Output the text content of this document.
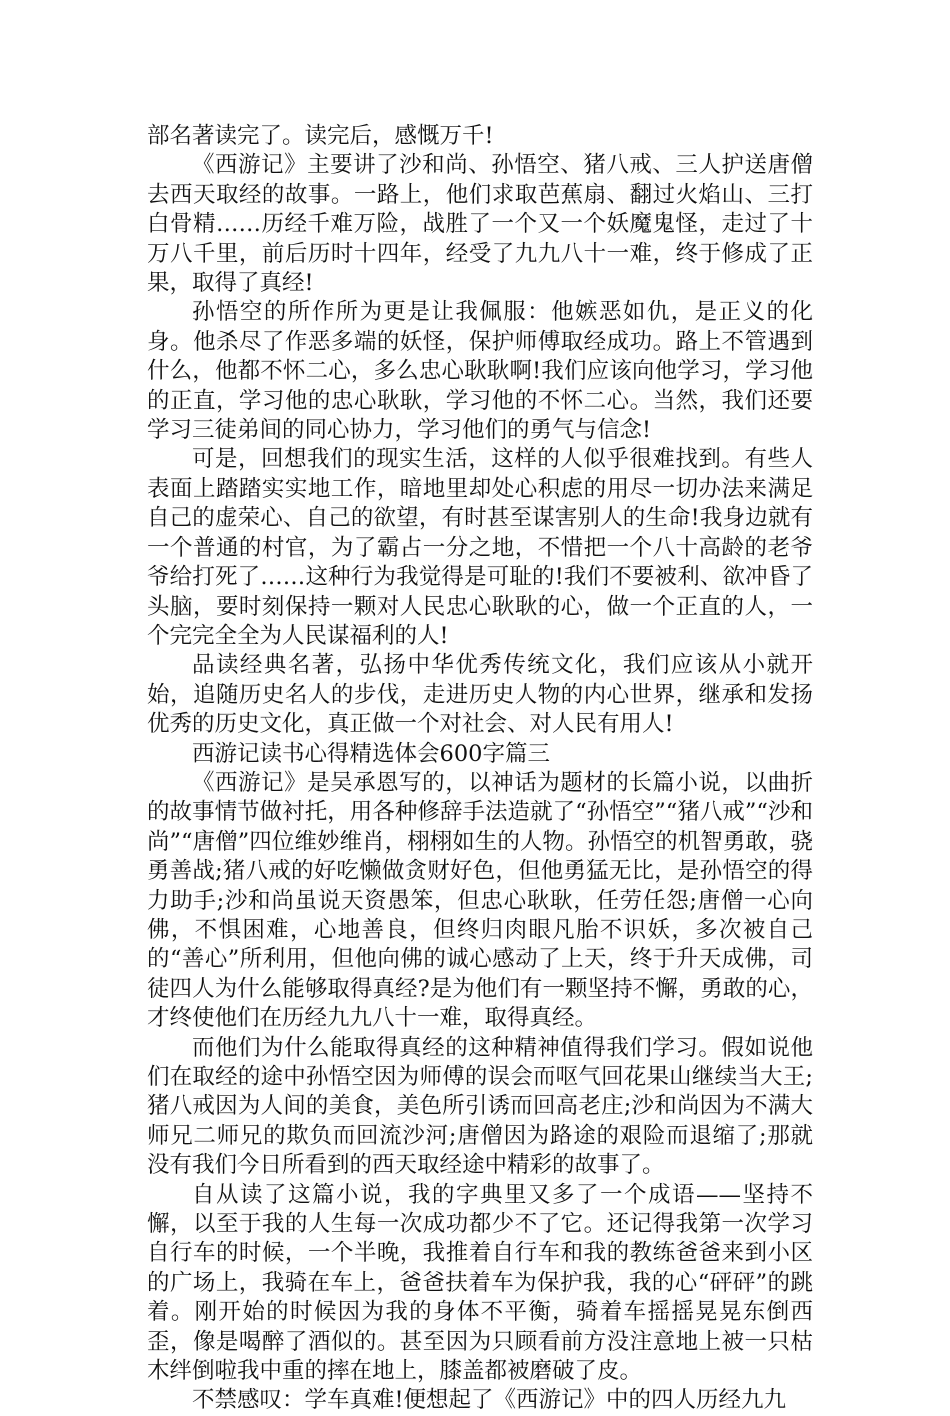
部名著读完了。读完后，感慨万千!

《西游记》主要讲了沙和尚、孙悟空、猪八戒、三人护送唐僧去西天取经的故事。一路上，他们求取芭蕉扇、翻过火焰山、三打白骨精……历经千难万险，战胜了一个又一个妖魔鬼怪，走过了十万八千里，前后历时十四年，经受了九九八十一难，终于修成了正果，取得了真经!

孙悟空的所作所为更是让我佩服：他嫉恶如仇，是正义的化身。他杀尽了作恶多端的妖怪，保护师傅取经成功。路上不管遇到什么，他都不怀二心，多么忠心耿耿啊!我们应该向他学习，学习他的正直，学习他的忠心耿耿，学习他的不怀二心。当然，我们还要学习三徒弟间的同心协力，学习他们的勇气与信念!

可是，回想我们的现实生活，这样的人似乎很难找到。有些人表面上踏踏实实地工作，暗地里却处心积虑的用尽一切办法来满足自己的虚荣心、自己的欲望，有时甚至谋害别人的生命!我身边就有一个普通的村官，为了霸占一分之地，不惜把一个八十高龄的老爷爷给打死了……这种行为我觉得是可耻的!我们不要被利、欲冲昏了头脑，要时刻保持一颗对人民忠心耿耿的心，做一个正直的人，一个完完全全为人民谋福利的人!

品读经典名著，弘扬中华优秀传统文化，我们应该从小就开始，追随历史名人的步伐，走进历史人物的内心世界，继承和发扬优秀的历史文化，真正做一个对社会、对人民有用人!

西游记读书心得精选体会600字篇三

《西游记》是吴承恩写的，以神话为题材的长篇小说，以曲折的故事情节做衬托，用各种修辞手法造就了“孙悟空”“猪八戒”“沙和尚”“唐僧”四位维妙维肖，栩栩如生的人物。孙悟空的机智勇敢，骁勇善战;猪八戒的好吃懒做贪财好色，但他勇猛无比，是孙悟空的得力助手;沙和尚虽说天资愚笨，但忠心耿耿，任劳任怨;唐僧一心向佛，不惧困难，心地善良，但终归肉眼凡胎不识妖，多次被自己的“善心”所利用，但他向佛的诚心感动了上天，终于升天成佛，司徒四人为什么能够取得真经?是为他们有一颗坚持不懈，勇敢的心，才终使他们在历经九九八十一难，取得真经。

而他们为什么能取得真经的这种精神值得我们学习。假如说他们在取经的途中孙悟空因为师傅的误会而呕气回花果山继续当大王;猪八戒因为人间的美食，美色所引诱而回高老庄;沙和尚因为不满大师兄二师兄的欺负而回流沙河;唐僧因为路途的艰险而退缩了;那就没有我们今日所看到的西天取经途中精彩的故事了。

自从读了这篇小说，我的字典里又多了一个成语——坚持不懈，以至于我的人生每一次成功都少不了它。还记得我第一次学习自行车的时候，一个半晚，我推着自行车和我的教练爸爸来到小区的广场上，我骑在车上，爸爸扶着车为保护我，我的心“砰砰”的跳着。刚开始的时候因为我的身体不平衡，骑着车摇摇晃晃东倒西歪，像是喝醉了酒似的。甚至因为只顾看前方没注意地上被一只枯木绊倒啦我中重的摔在地上，膝盖都被磨破了皮。

不禁感叹：学车真难!便想起了《西游记》中的四人历经九九
